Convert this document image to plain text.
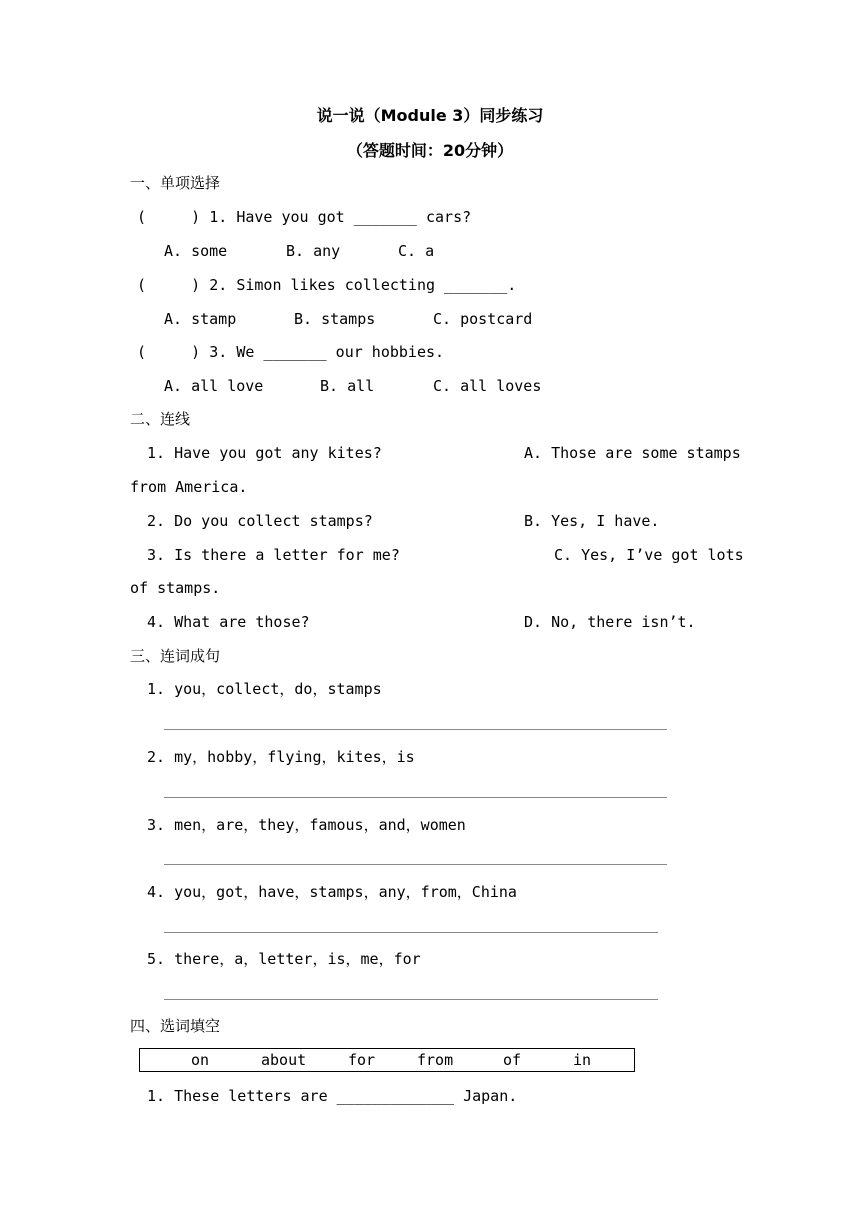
说一说（Module 3）同步练习
（答题时间：20分钟）
一、单项选择
(     ) 1. Have you got _______ cars?
A. some	B. any	C. a
(     ) 2. Simon likes collecting _______.
A. stamp	B. stamps	C. postcard
(     ) 3. We _______ our hobbies.
A. all love	B. all	C. all loves
二、连线
1. Have you got any kites?	A. Those are some stamps
from America.
2. Do you collect stamps?	B. Yes, I have.
3. Is there a letter for me?	C. Yes, I’ve got lots
of stamps.
4. What are those?	D. No, there isn’t.
三、连词成句
1. you，collect，do，stamps
2. my，hobby，flying，kites，is
3. men，are，they，famous，and，women
4. you，got，have，stamps，any，from，China
5. there，a，letter，is，me，for
四、选词填空
on	about	for	from	of	in
1. These letters are _____________ Japan.
